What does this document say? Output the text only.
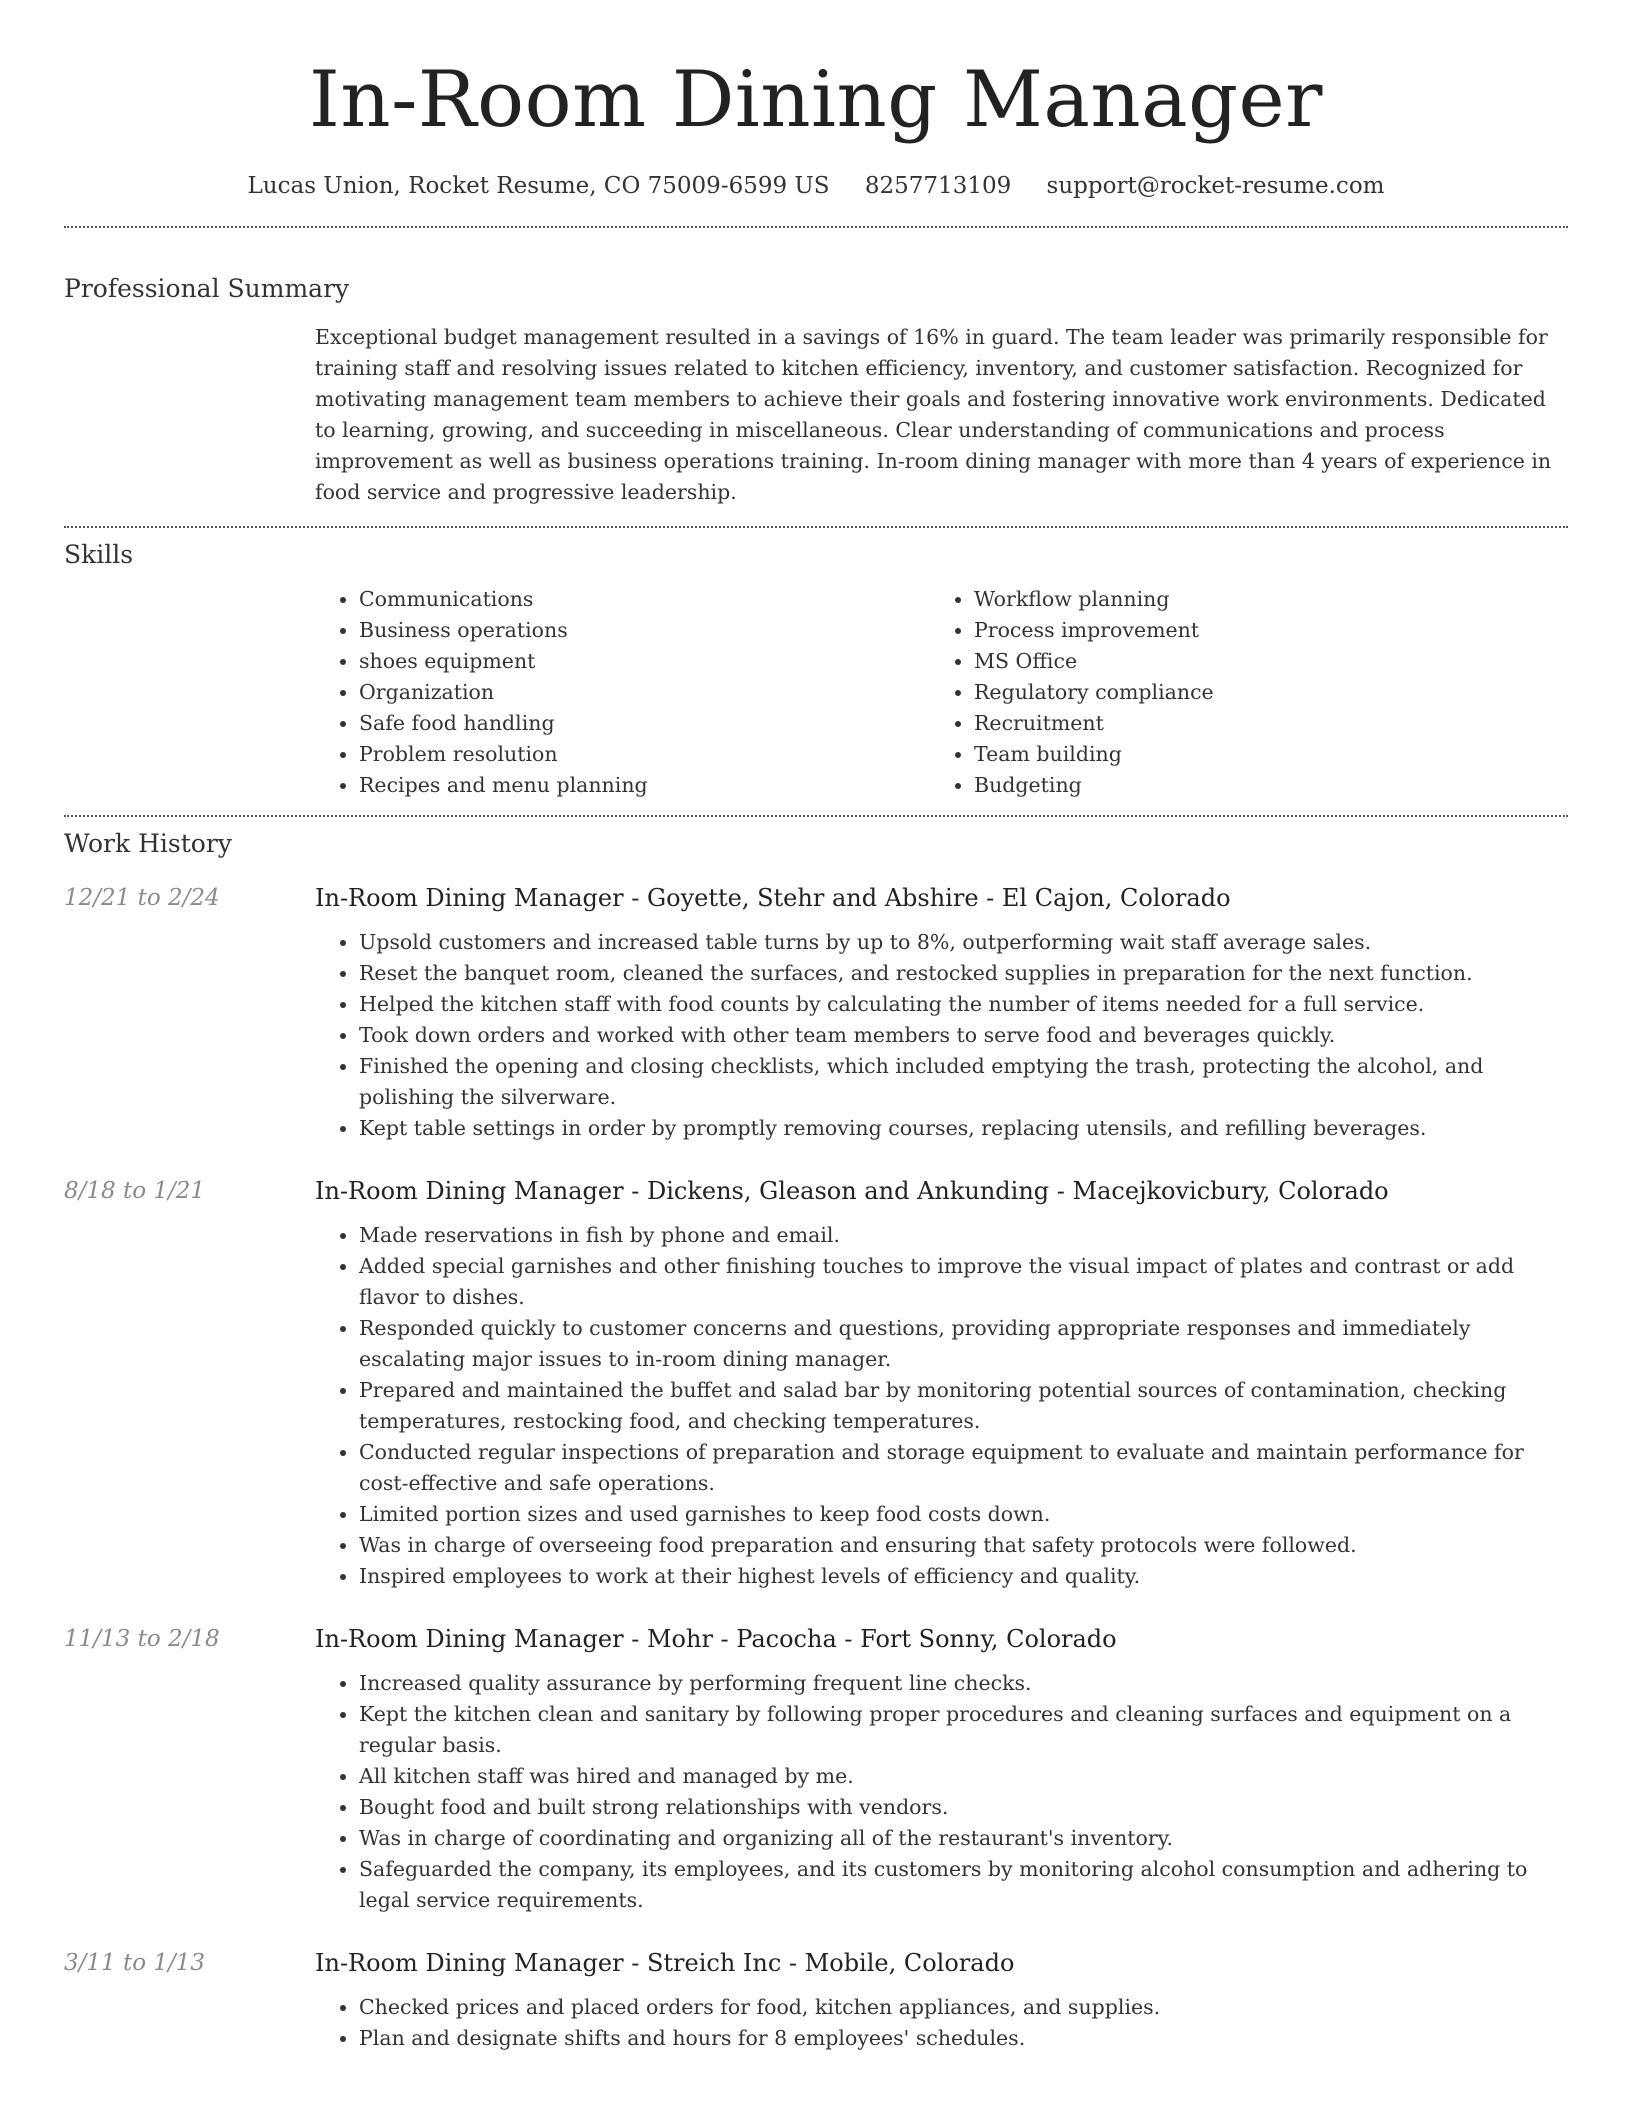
In-Room Dining Manager
Lucas Union, Rocket Resume, CO 75009-6599 US 8257713109 support@rocket-resume.com
Professional Summary
Exceptional budget management resulted in a savings of 16% in guard. The team leader was primarily responsible for training staff and resolving issues related to kitchen efficiency, inventory, and customer satisfaction. Recognized for motivating management team members to achieve their goals and fostering innovative work environments. Dedicated to learning, growing, and succeeding in miscellaneous. Clear understanding of communications and process improvement as well as business operations training. In-room dining manager with more than 4 years of experience in food service and progressive leadership.
Skills
• Communications
• Business operations
• shoes equipment
• Organization
• Safe food handling
• Problem resolution
• Recipes and menu planning
• Workflow planning
• Process improvement
• MS Office
• Regulatory compliance
• Recruitment
• Team building
• Budgeting
Work History
12/21 to 2/24	In-Room Dining Manager - Goyette, Stehr and Abshire - El Cajon, Colorado
• Upsold customers and increased table turns by up to 8%, outperforming wait staff average sales.
• Reset the banquet room, cleaned the surfaces, and restocked supplies in preparation for the next function.
• Helped the kitchen staff with food counts by calculating the number of items needed for a full service.
• Took down orders and worked with other team members to serve food and beverages quickly.
• Finished the opening and closing checklists, which included emptying the trash, protecting the alcohol, and polishing the silverware.
• Kept table settings in order by promptly removing courses, replacing utensils, and refilling beverages.
8/18 to 1/21	In-Room Dining Manager - Dickens, Gleason and Ankunding - Macejkovicbury, Colorado
• Made reservations in fish by phone and email.
• Added special garnishes and other finishing touches to improve the visual impact of plates and contrast or add flavor to dishes.
• Responded quickly to customer concerns and questions, providing appropriate responses and immediately escalating major issues to in-room dining manager.
• Prepared and maintained the buffet and salad bar by monitoring potential sources of contamination, checking temperatures, restocking food, and checking temperatures.
• Conducted regular inspections of preparation and storage equipment to evaluate and maintain performance for cost-effective and safe operations.
• Limited portion sizes and used garnishes to keep food costs down.
• Was in charge of overseeing food preparation and ensuring that safety protocols were followed.
• Inspired employees to work at their highest levels of efficiency and quality.
11/13 to 2/18	In-Room Dining Manager - Mohr - Pacocha - Fort Sonny, Colorado
• Increased quality assurance by performing frequent line checks.
• Kept the kitchen clean and sanitary by following proper procedures and cleaning surfaces and equipment on a regular basis.
• All kitchen staff was hired and managed by me.
• Bought food and built strong relationships with vendors.
• Was in charge of coordinating and organizing all of the restaurant's inventory.
• Safeguarded the company, its employees, and its customers by monitoring alcohol consumption and adhering to legal service requirements.
3/11 to 1/13	In-Room Dining Manager - Streich Inc - Mobile, Colorado
• Checked prices and placed orders for food, kitchen appliances, and supplies.
• Plan and designate shifts and hours for 8 employees' schedules.
